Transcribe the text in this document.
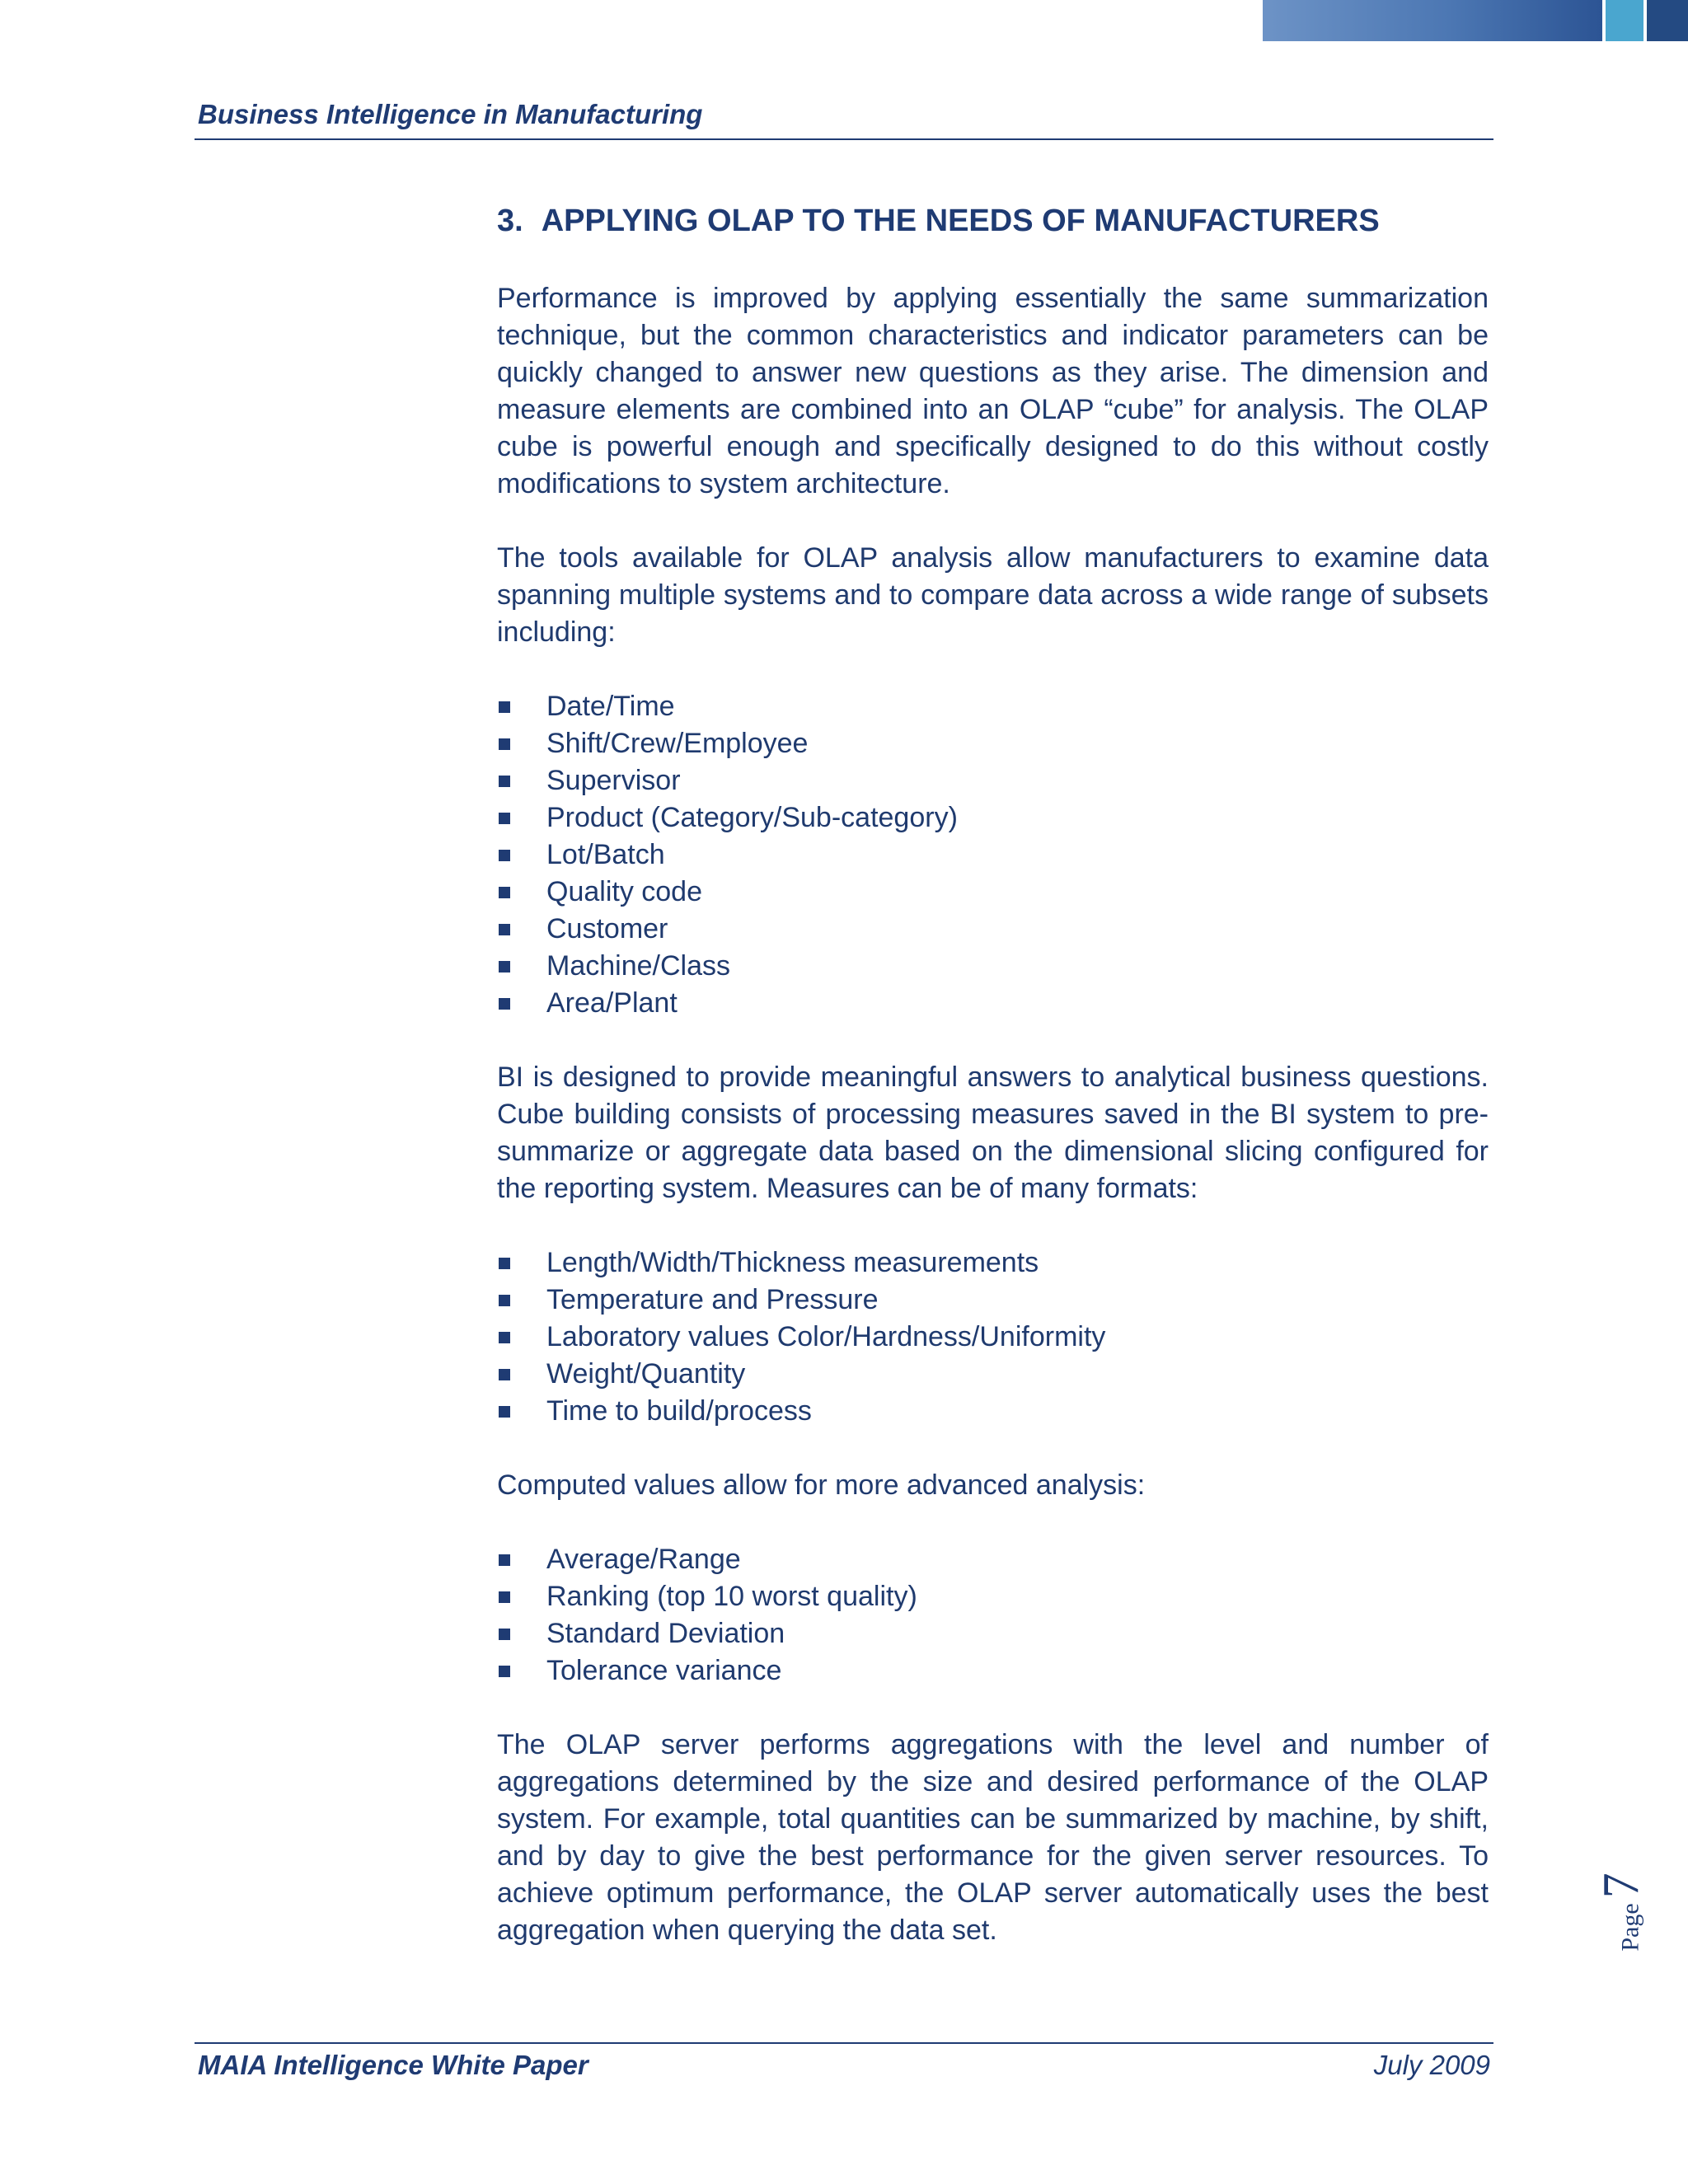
Business Intelligence in Manufacturing
3. APPLYING OLAP TO THE NEEDS OF MANUFACTURERS

Performance is improved by applying essentially the same summarization technique, but the common characteristics and indicator parameters can be quickly changed to answer new questions as they arise. The dimension and measure elements are combined into an OLAP “cube” for analysis. The OLAP cube is powerful enough and specifically designed to do this without costly modifications to system architecture.

The tools available for OLAP analysis allow manufacturers to examine data spanning multiple systems and to compare data across a wide range of subsets including:

Date/Time
Shift/Crew/Employee
Supervisor
Product (Category/Sub-category)
Lot/Batch
Quality code
Customer
Machine/Class
Area/Plant

BI is designed to provide meaningful answers to analytical business questions. Cube building consists of processing measures saved in the BI system to pre-summarize or aggregate data based on the dimensional slicing configured for the reporting system. Measures can be of many formats:

Length/Width/Thickness measurements
Temperature and Pressure
Laboratory values Color/Hardness/Uniformity
Weight/Quantity
Time to build/process

Computed values allow for more advanced analysis:

Average/Range
Ranking (top 10 worst quality)
Standard Deviation
Tolerance variance

The OLAP server performs aggregations with the level and number of aggregations determined by the size and desired performance of the OLAP system. For example, total quantities can be summarized by machine, by shift, and by day to give the best performance for the given server resources. To achieve optimum performance, the OLAP server automatically uses the best aggregation when querying the data set.	Page7
MAIA Intelligence White Paper	July 2009
